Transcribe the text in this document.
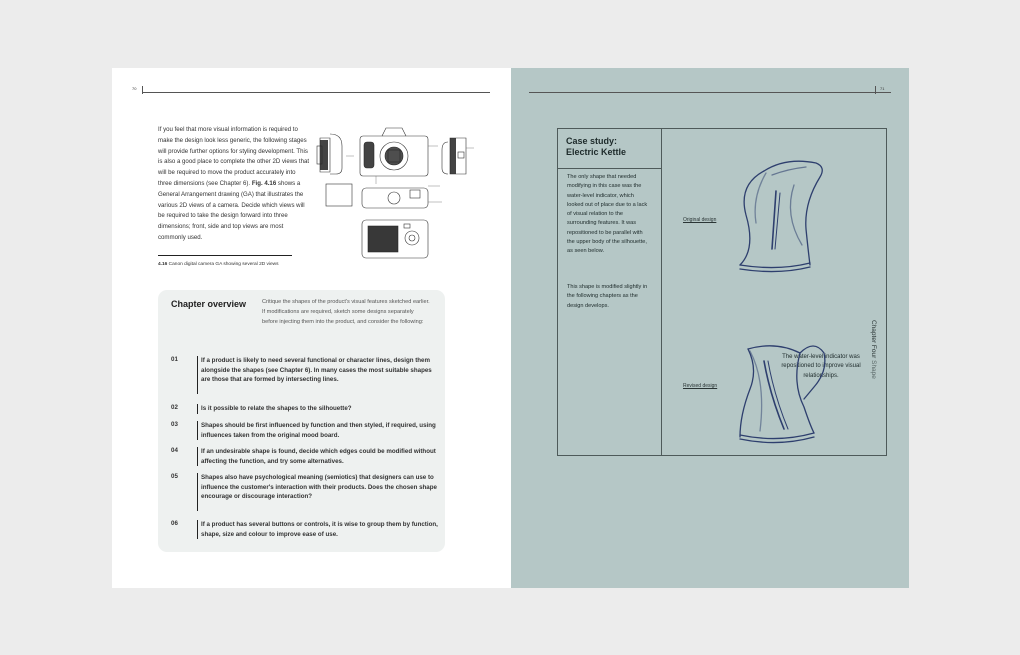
70

If you feel that more visual information is required to make the design look less generic, the following stages will provide further options for styling development. This is also a good place to complete the other 2D views that will be required to move the product accurately into three dimensions (see Chapter 6). Fig. 4.16 shows a General Arrangement drawing (GA) that illustrates the various 2D views of a camera. Decide which views will be required to take the design forward into three dimensions; front, side and top views are most commonly used.

4.16 Canon digital camera GA showing several 2D views
Chapter overview	Critique the shapes of the product's visual features sketched earlier. If modifications are required, sketch some designs separately before injecting them into the product, and consider the following:

01	If a product is likely to need several functional or character lines, design them alongside the shapes (see Chapter 6). In many cases the most suitable shapes are those that are formed by intersecting lines.

02	Is it possible to relate the shapes to the silhouette?

03	Shapes should be first influenced by function and then styled, if required, using influences taken from the original mood board.

04	If an undesirable shape is found, decide which edges could be modified without affecting the function, and try some alternatives.

05	Shapes also have psychological meaning (semiotics) that designers can use to influence the customer's interaction with their products. Does the chosen shape encourage or discourage interaction?

06	If a product has several buttons or controls, it is wise to group them by function, shape, size and colour to improve ease of use.

71
Case study:
Electric Kettle

The only shape that needed modifying in this case was the water-level indicator, which looked out of place due to a lack of visual relation to the surrounding features. It was repositioned to be parallel with the upper body of the silhouette, as seen below.

This shape is modified slightly in the following chapters as the design develops.

Original design
Revised design

The water-level indicator was repositioned to improve visual relationships.

Chapter Four Shape
